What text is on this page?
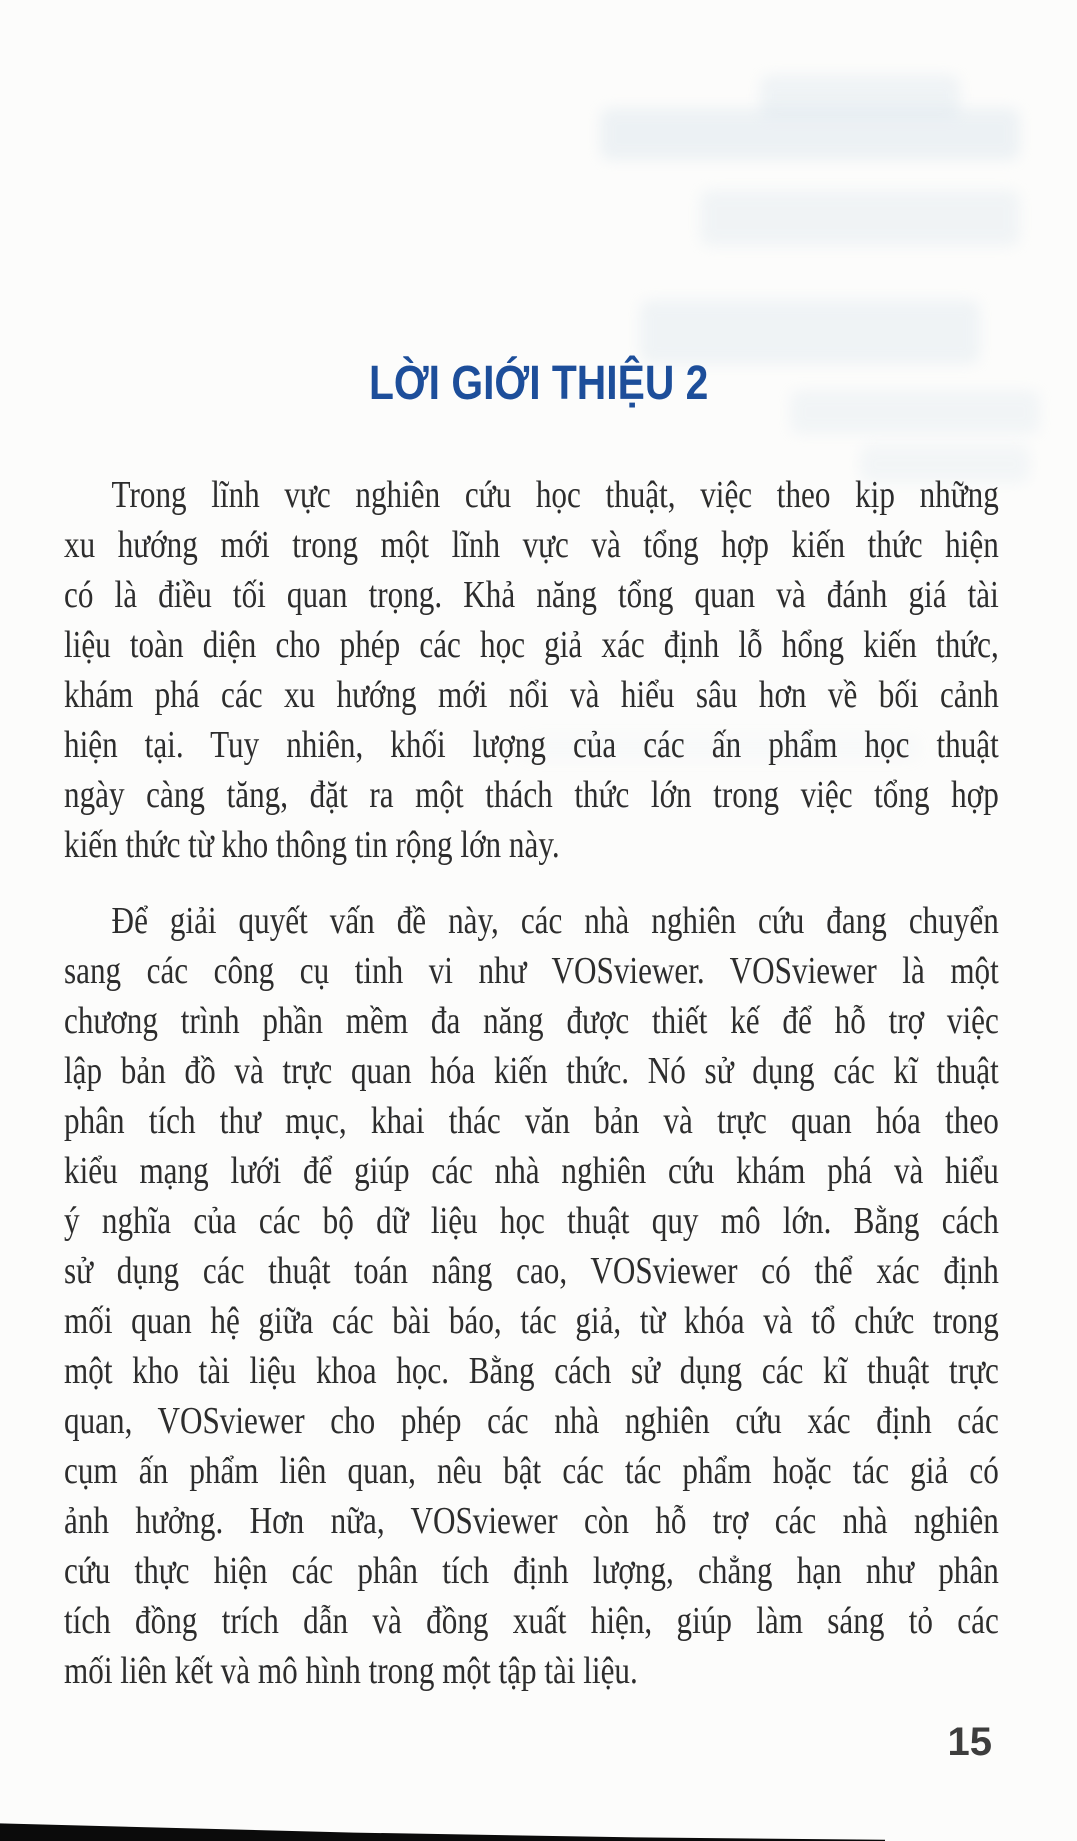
LỜI GIỚI THIỆU 2
Trong lĩnh vực nghiên cứu học thuật, việc theo kịp những
xu hướng mới trong một lĩnh vực và tổng hợp kiến thức hiện
có là điều tối quan trọng. Khả năng tổng quan và đánh giá tài
liệu toàn diện cho phép các học giả xác định lỗ hổng kiến thức,
khám phá các xu hướng mới nổi và hiểu sâu hơn về bối cảnh
hiện tại. Tuy nhiên, khối lượng của các ấn phẩm học thuật
ngày càng tăng, đặt ra một thách thức lớn trong việc tổng hợp
kiến thức từ kho thông tin rộng lớn này.
Để giải quyết vấn đề này, các nhà nghiên cứu đang chuyển
sang các công cụ tinh vi như VOSviewer. VOSviewer là một
chương trình phần mềm đa năng được thiết kế để hỗ trợ việc
lập bản đồ và trực quan hóa kiến thức. Nó sử dụng các kĩ thuật
phân tích thư mục, khai thác văn bản và trực quan hóa theo
kiểu mạng lưới để giúp các nhà nghiên cứu khám phá và hiểu
ý nghĩa của các bộ dữ liệu học thuật quy mô lớn. Bằng cách
sử dụng các thuật toán nâng cao, VOSviewer có thể xác định
mối quan hệ giữa các bài báo, tác giả, từ khóa và tổ chức trong
một kho tài liệu khoa học. Bằng cách sử dụng các kĩ thuật trực
quan, VOSviewer cho phép các nhà nghiên cứu xác định các
cụm ấn phẩm liên quan, nêu bật các tác phẩm hoặc tác giả có
ảnh hưởng. Hơn nữa, VOSviewer còn hỗ trợ các nhà nghiên
cứu thực hiện các phân tích định lượng, chẳng hạn như phân
tích đồng trích dẫn và đồng xuất hiện, giúp làm sáng tỏ các
mối liên kết và mô hình trong một tập tài liệu.
15
